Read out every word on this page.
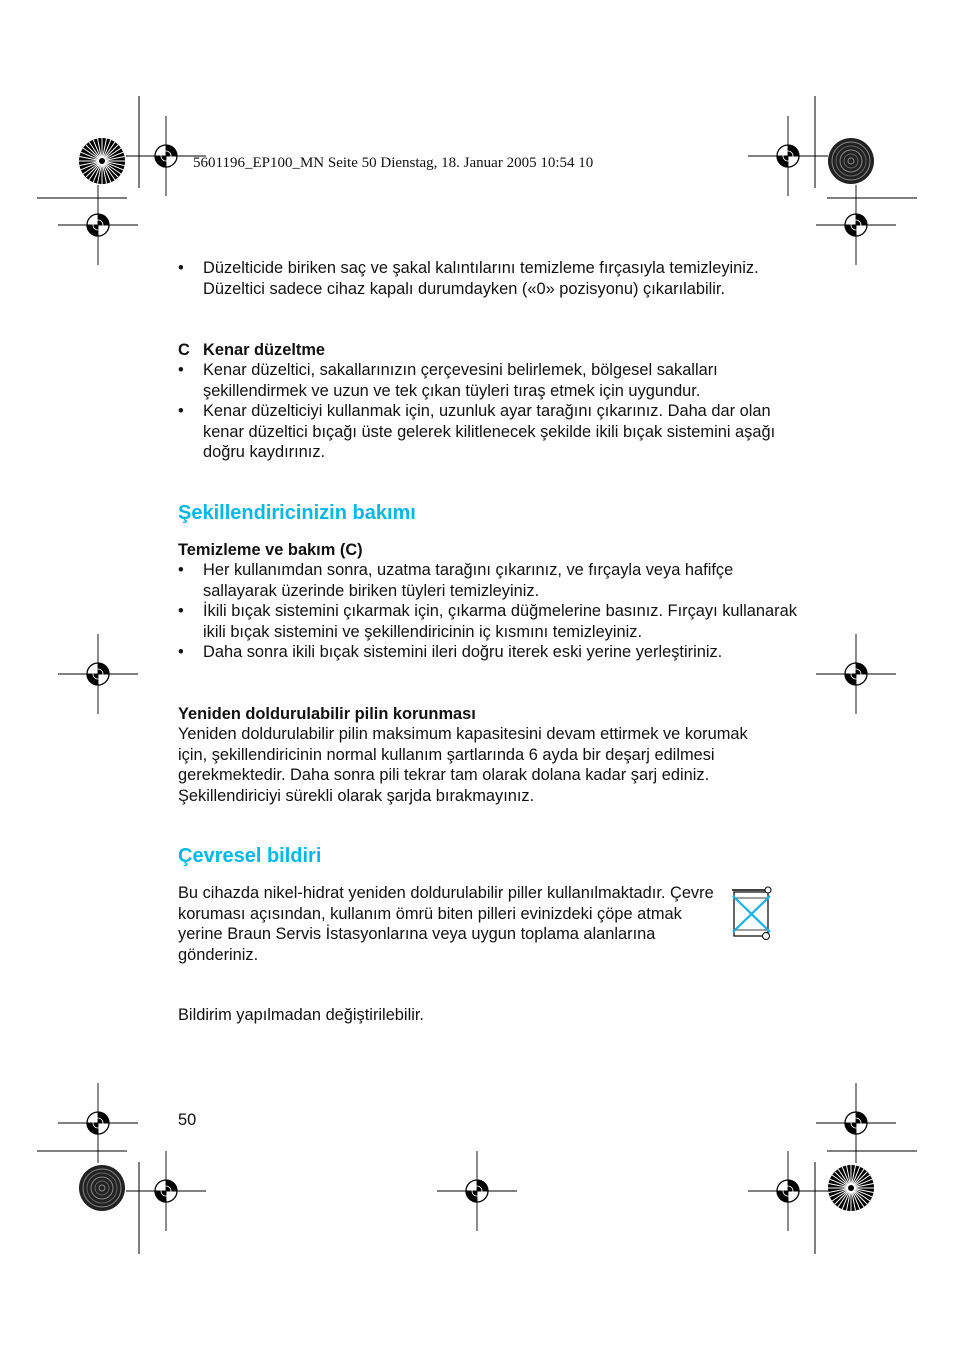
5601196_EP100_MN Seite 50 Dienstag, 18. Januar 2005 10:54 10
• Düzelticide biriken saç ve şakal kalıntılarını temizleme fırçasıyla temizleyiniz. Düzeltici sadece cihaz kapalı durumdayken («0» pozisyonu) çıkarılabilir.
C Kenar düzeltme
• Kenar düzeltici, sakallarınızın çerçevesini belirlemek, bölgesel sakalları şekillendirmek ve uzun ve tek çıkan tüyleri tıraş etmek için uygundur.
• Kenar düzelticiyi kullanmak için, uzunluk ayar tarağını çıkarınız. Daha dar olan kenar düzeltici bıçağı üste gelerek kilitlenecek şekilde ikili bıçak sistemini aşağı doğru kaydırınız.
Şekillendiricinizin bakımı
Temizleme ve bakım (C)
• Her kullanımdan sonra, uzatma tarağını çıkarınız, ve fırçayla veya hafifçe sallayarak üzerinde biriken tüyleri temizleyiniz.
• İkili bıçak sistemini çıkarmak için, çıkarma düğmelerine basınız. Fırçayı kullanarak ikili bıçak sistemini ve şekillendiricinin iç kısmını temizleyiniz.
• Daha sonra ikili bıçak sistemini ileri doğru iterek eski yerine yerleştiriniz.
Yeniden doldurulabilir pilin korunması
Yeniden doldurulabilir pilin maksimum kapasitesini devam ettirmek ve korumak için, şekillendiricinin normal kullanım şartlarında 6 ayda bir deşarj edilmesi gerekmektedir. Daha sonra pili tekrar tam olarak dolana kadar şarj ediniz. Şekillendiriciyi sürekli olarak şarjda bırakmayınız.
Çevresel bildiri
Bu cihazda nikel-hidrat yeniden doldurulabilir piller kullanılmaktadır. Çevre koruması açısından, kullanım ömrü biten pilleri evinizdeki çöpe atmak yerine Braun Servis İstasyonlarına veya uygun toplama alanlarına gönderiniz.
Bildirim yapılmadan değiştirilebilir.
50
